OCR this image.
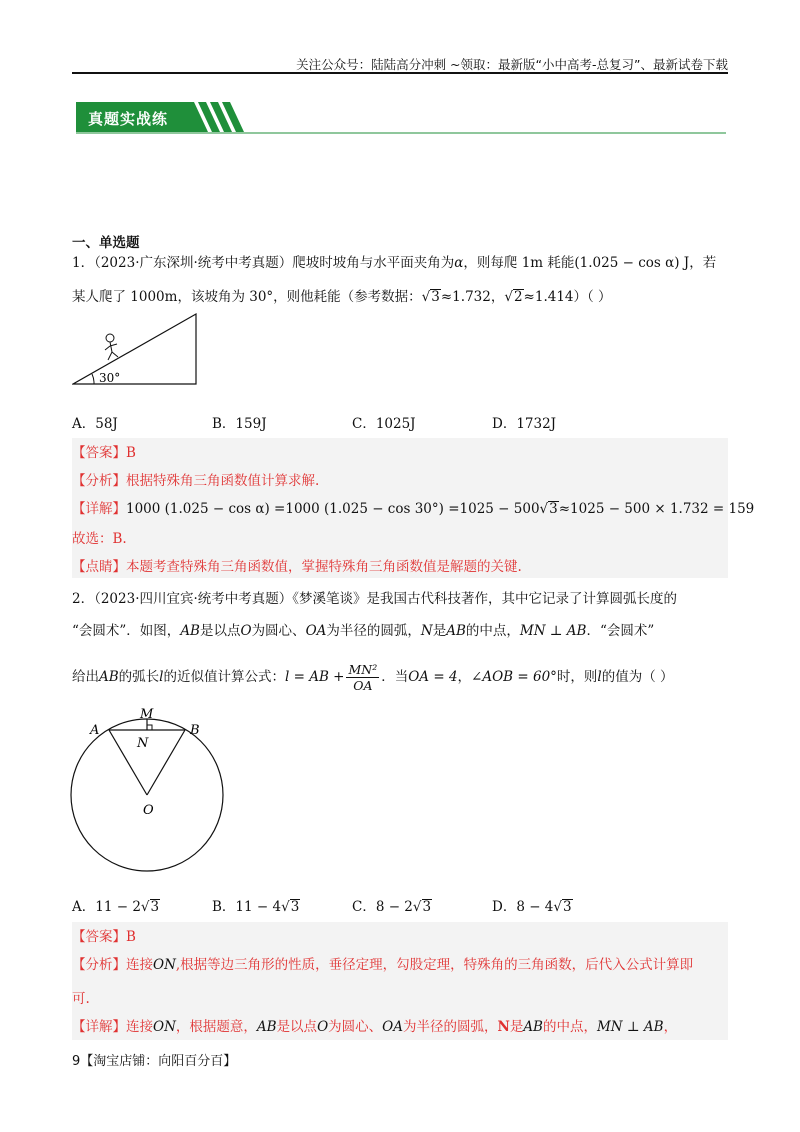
关注公众号：陆陆高分冲刺 ~领取：最新版“小中高考-总复习”、最新试卷下载
真题实战练
一、单选题
1．（2023·广东深圳·统考中考真题）爬坡时坡角与水平面夹角为α，则每爬 1m 耗能(1.025 − cos α) J，若
某人爬了 1000m，该坡角为 30°，则他耗能（参考数据：√3≈1.732，√2≈1.414）（ ）
30°
A．58J	B．159J	C．1025J	D．1732J
【答案】B
【分析】根据特殊角三角函数值计算求解.
【详解】1000 (1.025 − cos α) =1000 (1.025 − cos 30°) =1025 − 500√3≈1025 − 500 × 1.732 = 159
故选：B.
【点睛】本题考查特殊角三角函数值，掌握特殊角三角函数值是解题的关键.
2．（2023·四川宜宾·统考中考真题）《梦溪笔谈》是我国古代科技著作，其中它记录了计算圆弧长度的
“会圆术”．如图，AB是以点O为圆心、OA为半径的圆弧，N是AB的中点，MN ⊥ AB．“会圆术”
给出AB的弧长l的近似值计算公式：l = AB + $\frac{\text{MN²}}{OA}$ ．当OA = 4，∠AOB = 60°时，则l的值为（ ）
M
A	B
N
O
A．11 − 2√3	B．11 − 4√3	C．8 − 2√3	D．8 − 4√3
【答案】B
【分析】连接ON,根据等边三角形的性质，垂径定理，勾股定理，特殊角的三角函数，后代入公式计算即
可.
【详解】连接ON，根据题意，AB是以点O为圆心、OA为半径的圆弧，N是AB的中点，MN ⊥ AB，
9【淘宝店铺：向阳百分百】
